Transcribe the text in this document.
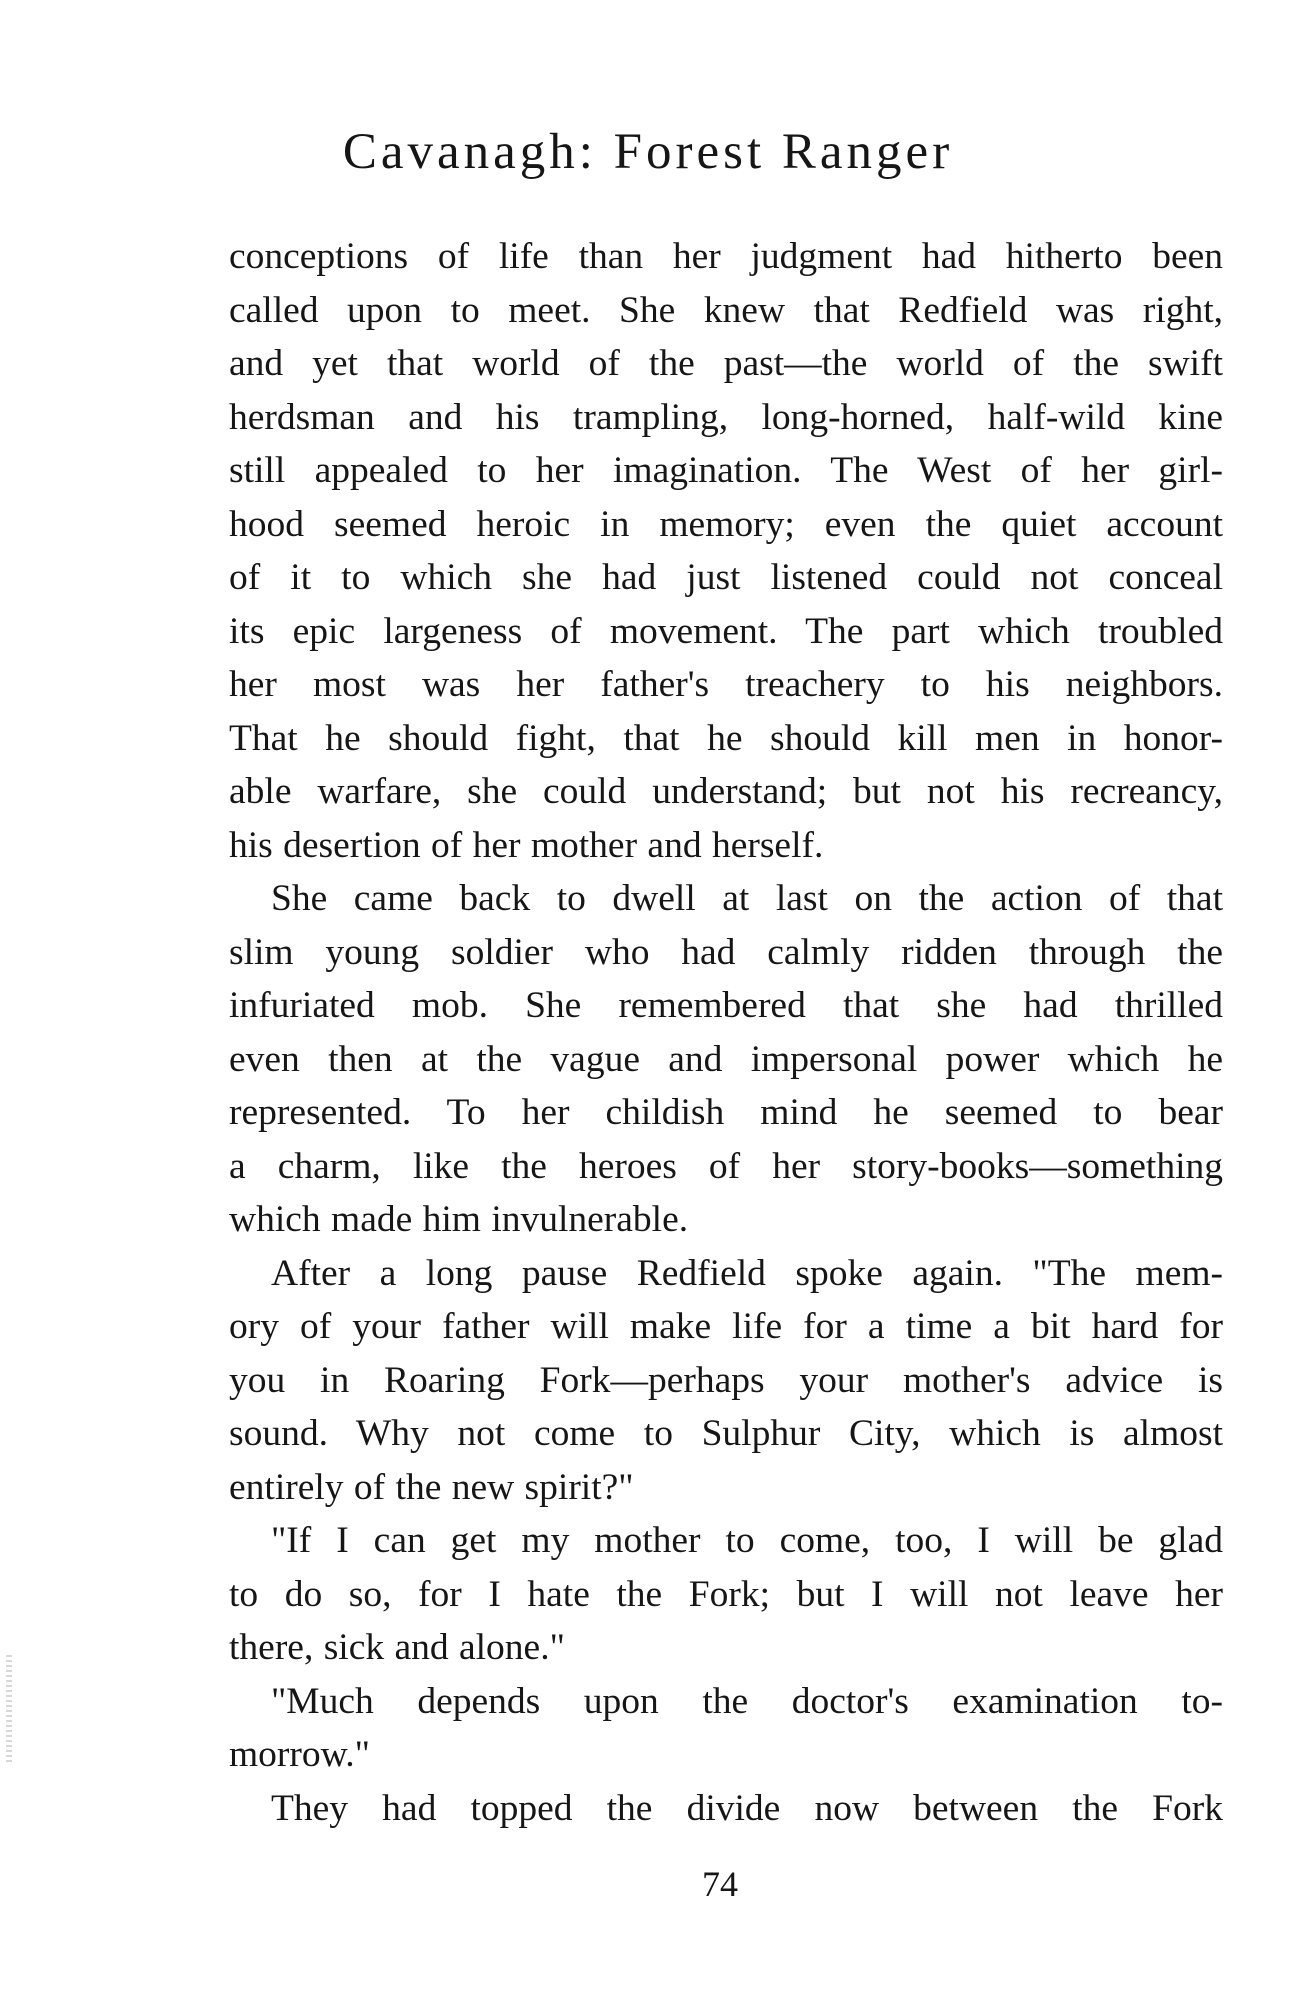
Cavanagh: Forest Ranger
conceptions of life than her judgment had hitherto been
called upon to meet. She knew that Redfield was right,
and yet that world of the past—the world of the swift
herdsman and his trampling, long-horned, half-wild kine
still appealed to her imagination. The West of her girl-
hood seemed heroic in memory; even the quiet account
of it to which she had just listened could not conceal
its epic largeness of movement. The part which troubled
her most was her father's treachery to his neighbors.
That he should fight, that he should kill men in honor-
able warfare, she could understand; but not his recreancy,
his desertion of her mother and herself.
She came back to dwell at last on the action of that
slim young soldier who had calmly ridden through the
infuriated mob. She remembered that she had thrilled
even then at the vague and impersonal power which he
represented. To her childish mind he seemed to bear
a charm, like the heroes of her story-books—something
which made him invulnerable.
After a long pause Redfield spoke again. "The mem-
ory of your father will make life for a time a bit hard for
you in Roaring Fork—perhaps your mother's advice is
sound. Why not come to Sulphur City, which is almost
entirely of the new spirit?"
"If I can get my mother to come, too, I will be glad
to do so, for I hate the Fork; but I will not leave her
there, sick and alone."
"Much depends upon the doctor's examination to-
morrow."
They had topped the divide now between the Fork
74
